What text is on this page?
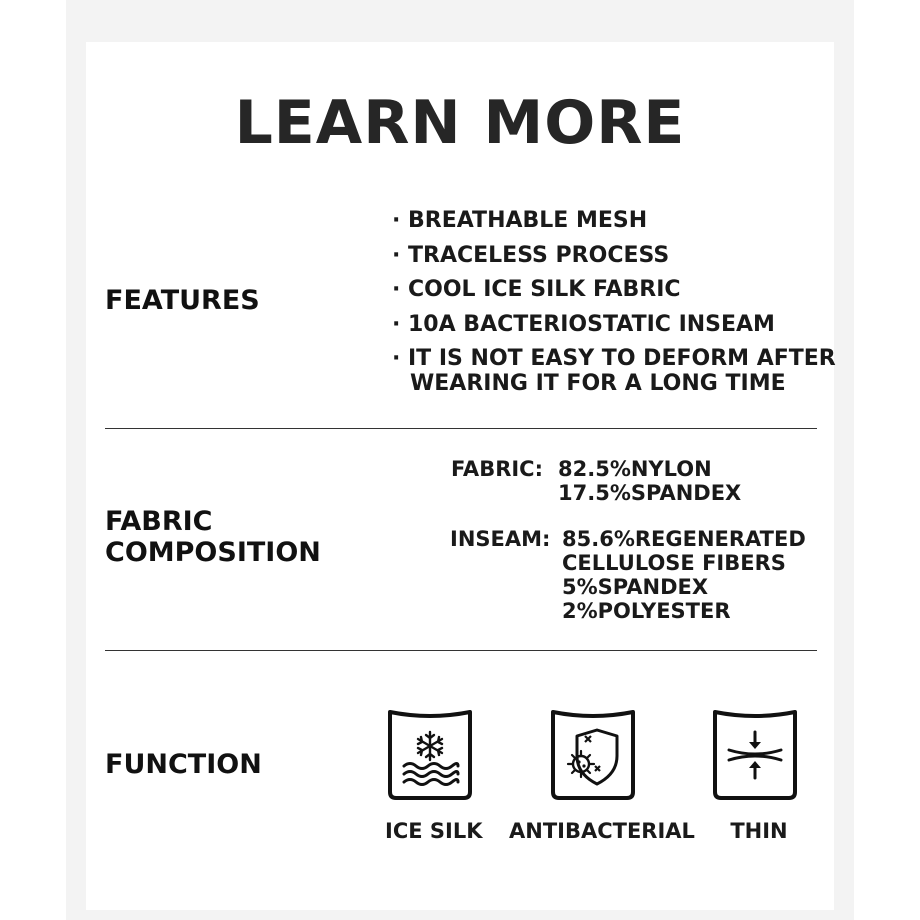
LEARN MORE
FEATURES
· BREATHABLE MESH
· TRACELESS PROCESS
· COOL ICE SILK FABRIC
· 10A BACTERIOSTATIC INSEAM
· IT IS NOT EASY TO DEFORM AFTER
WEARING IT FOR A LONG TIME
FABRIC
COMPOSITION
FABRIC: 82.5%NYLON
17.5%SPANDEX
INSEAM: 85.6%REGENERATED
CELLULOSE FIBERS
5%SPANDEX
2%POLYESTER
FUNCTION
ICE SILK ANTIBACTERIAL	THIN
